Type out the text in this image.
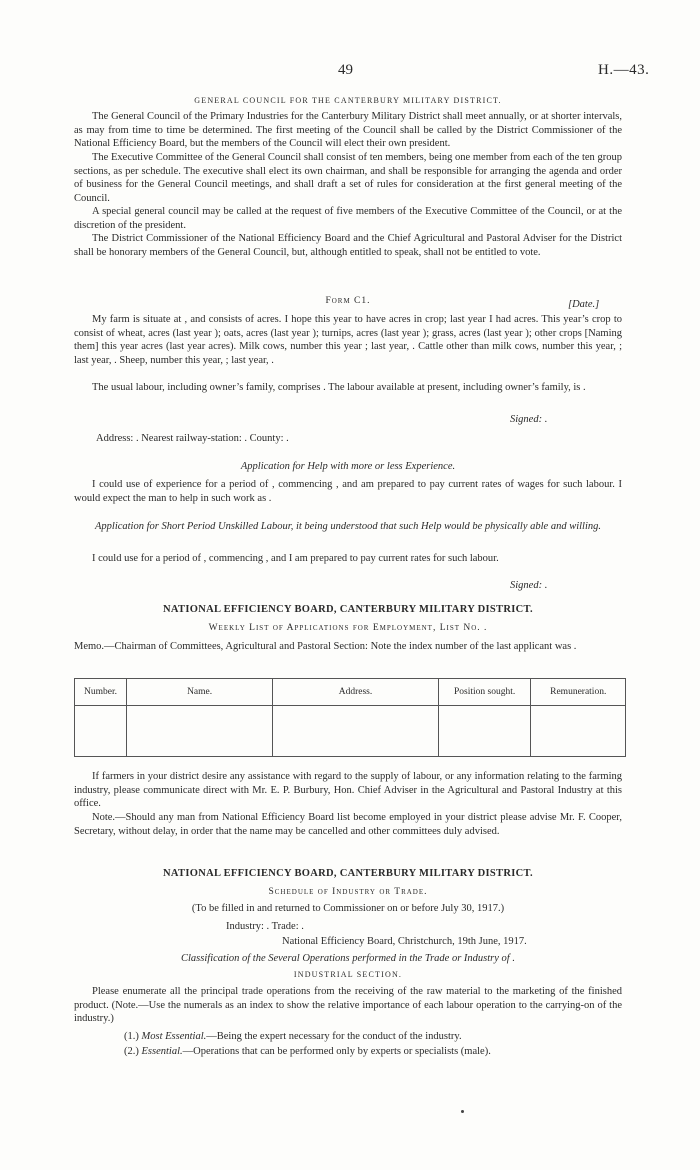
49	H.—43.
GENERAL COUNCIL FOR THE CANTERBURY MILITARY DISTRICT.

The General Council of the Primary Industries for the Canterbury Military District shall meet annually, or at shorter intervals, as may from time to time be determined. The first meeting of the Council shall be called by the District Commissioner of the National Efficiency Board, but the members of the Council will elect their own president.

The Executive Committee of the General Council shall consist of ten members, being one member from each of the ten group sections, as per schedule. The executive shall elect its own chairman, and shall be responsible for arranging the agenda and order of business for the General Council meetings, and shall draft a set of rules for consideration at the first general meeting of the Council.

A special general council may be called at the request of five members of the Executive Committee of the Council, or at the discretion of the president.

The District Commissioner of the National Efficiency Board and the Chief Agricultural and Pastoral Adviser for the District shall be honorary members of the General Council, but, although entitled to speak, shall not be entitled to vote.

Form C1.	[Date.]

My farm is situate at , and consists of acres. I hope this year to have acres in crop; last year I had acres. This year’s crop to consist of wheat, acres (last year ); oats, acres (last year ); turnips, acres (last year ); grass, acres (last year ); other crops [Naming them] this year acres (last year acres). Milk cows, number this year ; last year, . Cattle other than milk cows, number this year, ; last year, . Sheep, number this year, ; last year, .

The usual labour, including owner’s family, comprises . The labour available at present, including owner’s family, is .

Signed: .
Address: . Nearest railway-station: . County: .
Application for Help with more or less Experience.

I could use of experience for a period of , commencing , and am prepared to pay current rates of wages for such labour. I would expect the man to help in such work as .

Application for Short Period Unskilled Labour, it being understood that such Help would be physically able and willing.

I could use for a period of , commencing , and I am prepared to pay current rates for such labour.

Signed: .
NATIONAL EFFICIENCY BOARD, CANTERBURY MILITARY DISTRICT.
Weekly List of Applications for Employment, List No. .

Memo.—Chairman of Committees, Agricultural and Pastoral Section: Note the index number of the last applicant was .

Number.	Name.	Address.	Position sought.	Remuneration.

If farmers in your district desire any assistance with regard to the supply of labour, or any information relating to the farming industry, please communicate direct with Mr. E. P. Burbury, Hon. Chief Adviser in the Agricultural and Pastoral Industry at this office.

Note.—Should any man from National Efficiency Board list become employed in your district please advise Mr. F. Cooper, Secretary, without delay, in order that the name may be cancelled and other committees duly advised.

NATIONAL EFFICIENCY BOARD, CANTERBURY MILITARY DISTRICT.
Schedule of Industry or Trade.
(To be filled in and returned to Commissioner on or before July 30, 1917.)
Industry: . Trade: .
National Efficiency Board, Christchurch, 19th June, 1917.
Classification of the Several Operations performed in the Trade or Industry of .
INDUSTRIAL SECTION.

Please enumerate all the principal trade operations from the receiving of the raw material to the marketing of the finished product. (Note.—Use the numerals as an index to show the relative importance of each labour operation to the carrying-on of the industry.)

(1.) Most Essential.—Being the expert necessary for the conduct of the industry.
(2.) Essential.—Operations that can be performed only by experts or specialists (male).
